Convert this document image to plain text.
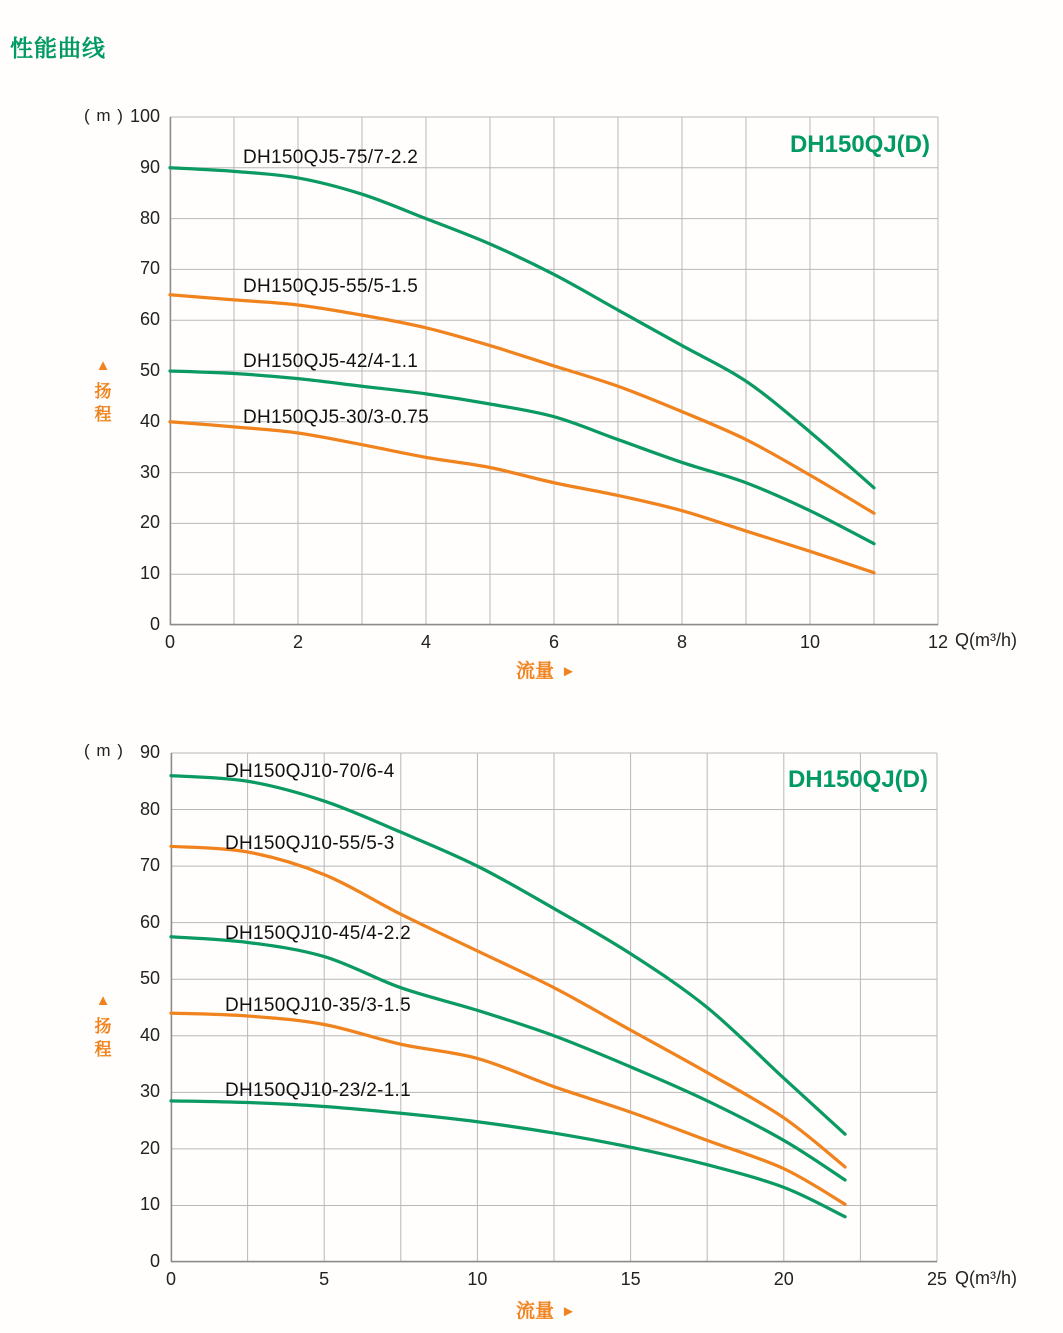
性能曲线
DH150QJ(D)
( m )
▲
扬程
流量 ►
Q(m³/h)
0
10
20
30
40
50
60
70
80
90
100
0	2	4	6	8	10	12
DH150QJ5-75/7-2.2
DH150QJ5-55/5-1.5
DH150QJ5-42/4-1.1
DH150QJ5-30/3-0.75
DH150QJ(D)
( m )
▲
扬程
流量 ►
Q(m³/h)
0
10
20
30
40
50
60
70
80
90
0	5	10	15	20	25
DH150QJ10-70/6-4
DH150QJ10-55/5-3
DH150QJ10-45/4-2.2
DH150QJ10-35/3-1.5
DH150QJ10-23/2-1.1
